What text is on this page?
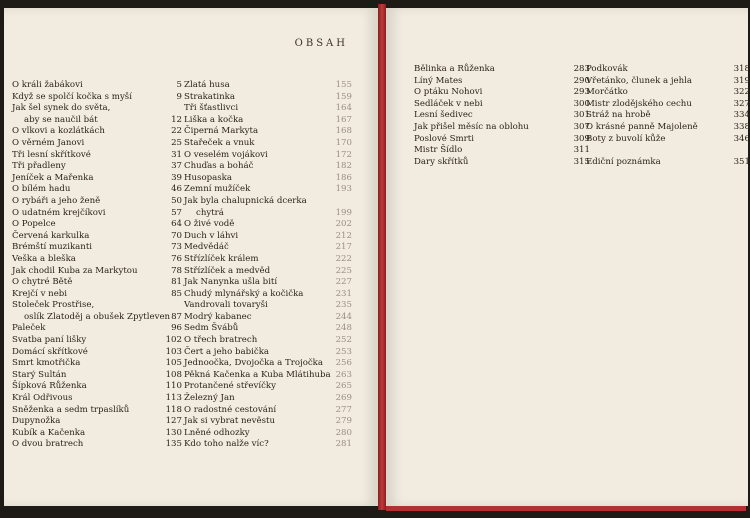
OBSAH
O králi žabákovi	5
Když se spolčí kočka s myší	9
Jak šel synek do světa,
aby se naučil bát	12
O vlkovi a kozlátkách	22
O věrném Janovi	25
Tři lesní skřítkové	31
Tři přadleny	37
Jeníček a Mařenka	39
O bílém hadu	46
O rybáři a jeho ženě	50
O udatném krejčíkovi	57
O Popelce	64
Červená karkulka	70
Brémští muzikanti	73
Veška a bleška	76
Jak chodil Kuba za Markytou	78
O chytré Bětě	81
Krejčí v nebi	85
Stoleček Prostřise,
oslík Zlatoděj a obušek Zpytleven 87
Paleček	96
Svatba paní lišky	102
Domácí skřítkové	103
Smrt kmotřička	105
Starý Sultán	108
Šípková Růženka	110
Král Odřivous	113
Sněženka a sedm trpaslíků	118
Dupynožka	127
Kubík a Kačenka	130
O dvou bratrech	135
Zlatá husa	155
Strakatinka	159
Tři šťastlivci	164
Liška a kočka	167
Čiperná Markyta	168
Stařeček a vnuk	170
O veselém vojákovi	172
Chuďas a boháč	182
Husopaska	186
Zemní mužíček	193
Jak byla chalupnická dcerka
chytrá	199
O živé vodě	202
Duch v láhvi	212
Medvědáč	217
Střízlíček králem	222
Střízlíček a medvěd	225
Jak Nanynka ušla bití	227
Chudý mlynářský a kočička	231
Vandrovali tovaryši	235
Modrý kabanec	244
Sedm Švábů	248
O třech bratrech	252
Čert a jeho babička	253
Jednoočka, Dvojočka a Trojočka	256
Pěkná Kačenka a Kuba Mlátihuba 263
Protančené střevíčky	265
Železný Jan	269
O radostné cestování	277
Jak si vybrat nevěstu	279
Lněné odhozky	280
Kdo toho nalže víc?	281
Bělinka a Růženka	283
Líný Mates	290
O ptáku Nohovi	293
Sedláček v nebi	300
Lesní šedivec	301
Jak přišel měsíc na oblohu	307
Poslové Smrti	309
Mistr Šídlo	311
Dary skřítků	315
Podkovák	318
Vřetánko, člunek a jehla	319
Morčátko	322
Mistr zlodějského cechu	327
Stráž na hrobě	334
O krásné panně Majoleně	338
Boty z buvolí kůže	346
Ediční poznámka	351
